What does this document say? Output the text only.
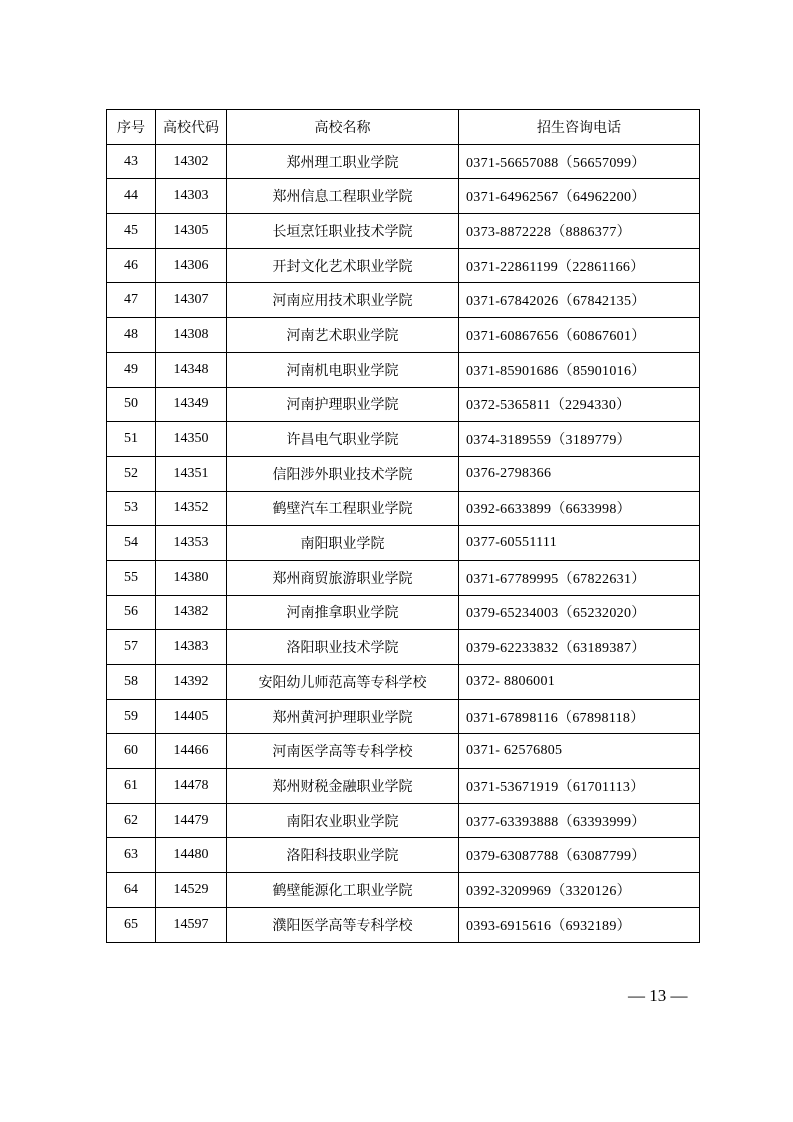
序号	高校代码	高校名称	招生咨询电话
43	14302	郑州理工职业学院	0371-56657088（56657099）
44	14303	郑州信息工程职业学院	0371-64962567（64962200）
45	14305	长垣烹饪职业技术学院	0373-8872228（8886377）
46	14306	开封文化艺术职业学院	0371-22861199（22861166）
47	14307	河南应用技术职业学院	0371-67842026（67842135）
48	14308	河南艺术职业学院	0371-60867656（60867601）
49	14348	河南机电职业学院	0371-85901686（85901016）
50	14349	河南护理职业学院	0372-5365811（2294330）
51	14350	许昌电气职业学院	0374-3189559（3189779）
52	14351	信阳涉外职业技术学院	0376-2798366
53	14352	鹤壁汽车工程职业学院	0392-6633899（6633998）
54	14353	南阳职业学院	0377-60551111
55	14380	郑州商贸旅游职业学院	0371-67789995（67822631）
56	14382	河南推拿职业学院	0379-65234003（65232020）
57	14383	洛阳职业技术学院	0379-62233832（63189387）
58	14392	安阳幼儿师范高等专科学校	0372- 8806001
59	14405	郑州黄河护理职业学院	0371-67898116（67898118）
60	14466	河南医学高等专科学校	0371- 62576805
61	14478	郑州财税金融职业学院	0371-53671919（61701113）
62	14479	南阳农业职业学院	0377-63393888（63393999）
63	14480	洛阳科技职业学院	0379-63087788（63087799）
64	14529	鹤壁能源化工职业学院	0392-3209969（3320126）
65	14597	濮阳医学高等专科学校	0393-6915616（6932189）
— 13 —
